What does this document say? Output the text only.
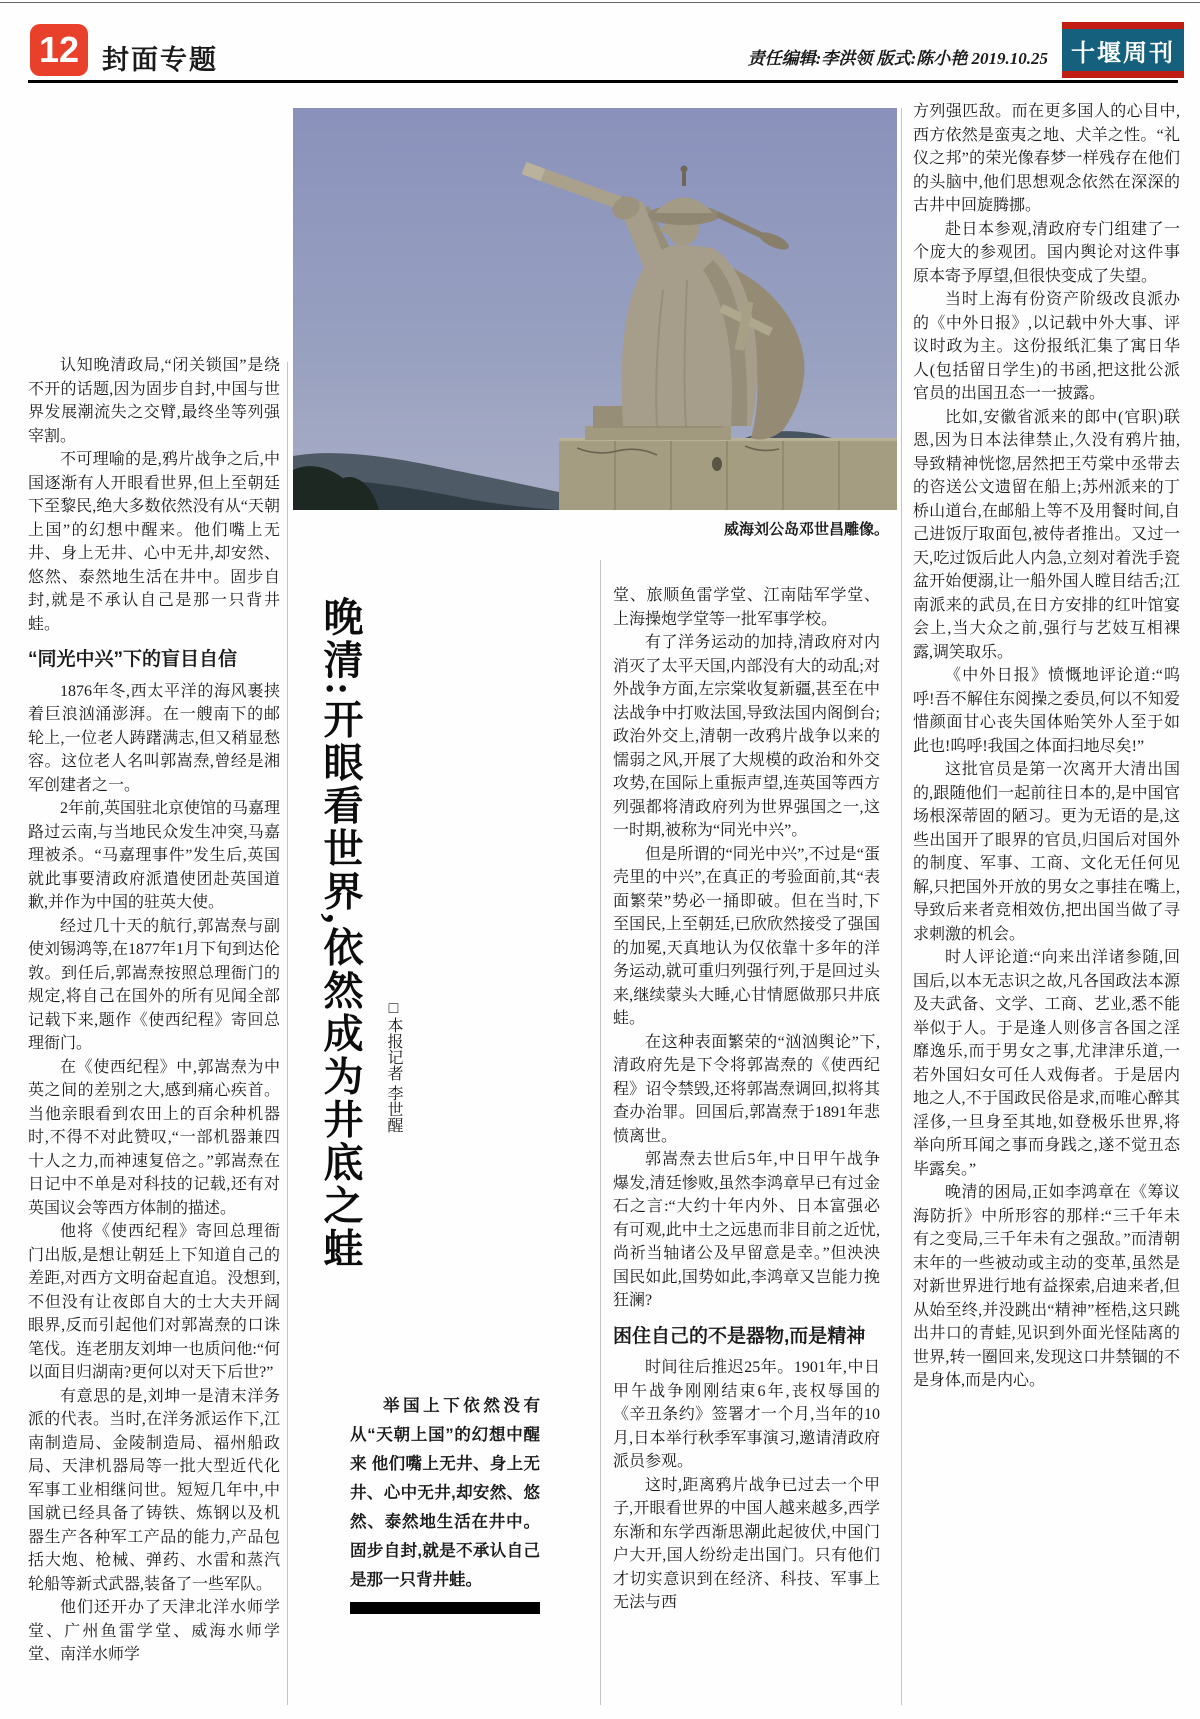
12 封面专题	责任编辑:李洪领 版式:陈小艳 2019.10.25 十堰周刊
威海刘公岛邓世昌雕像。

认知晚清政局,“闭关锁国”是绕不开的话题,因为固步自封,中国与世界发展潮流失之交臂,最终坐等列强宰割。

不可理喻的是,鸦片战争之后,中国逐渐有人开眼看世界,但上至朝廷下至黎民,绝大多数依然没有从“天朝上国”的幻想中醒来。他们嘴上无井、身上无井、心中无井,却安然、悠然、泰然地生活在井中。固步自封,就是不承认自己是那一只背井蛙。

“同光中兴”下的盲目自信

1876年冬,西太平洋的海风裹挟着巨浪汹涌澎湃。在一艘南下的邮轮上,一位老人踌躇满志,但又稍显愁容。这位老人名叫郭嵩焘,曾经是湘军创建者之一。

2年前,英国驻北京使馆的马嘉理路过云南,与当地民众发生冲突,马嘉理被杀。“马嘉理事件”发生后,英国就此事要清政府派遣使团赴英国道歉,并作为中国的驻英大使。

经过几十天的航行,郭嵩焘与副使刘锡鸿等,在1877年1月下旬到达伦敦。到任后,郭嵩焘按照总理衙门的规定,将自己在国外的所有见闻全部记载下来,题作《使西纪程》寄回总理衙门。

在《使西纪程》中,郭嵩焘为中英之间的差别之大,感到痛心疾首。当他亲眼看到农田上的百余种机器时,不得不对此赞叹,“一部机器兼四十人之力,而神速复倍之。”郭嵩焘在日记中不单是对科技的记载,还有对英国议会等西方体制的描述。

他将《使西纪程》寄回总理衙门出版,是想让朝廷上下知道自己的差距,对西方文明奋起直追。没想到,不但没有让夜郎自大的士大夫开阔眼界,反而引起他们对郭嵩焘的口诛笔伐。连老朋友刘坤一也质问他:“何以面目归湖南?更何以对天下后世?”

有意思的是,刘坤一是清末洋务派的代表。当时,在洋务派运作下,江南制造局、金陵制造局、福州船政局、天津机器局等一批大型近代化军事工业相继问世。短短几年中,中国就已经具备了铸铁、炼钢以及机器生产各种军工产品的能力,产品包括大炮、枪械、弹药、水雷和蒸汽轮船等新式武器,装备了一些军队。

他们还开办了天津北洋水师学堂、广州鱼雷学堂、威海水师学堂、南洋水师学

晚清:开眼看世界,依然成为井底之蛙	□本报记者 李世醒
举国上下依然没有从“天朝上国”的幻想中醒来 他们嘴上无井、身上无井、心中无井,却安然、悠然、泰然地生活在井中。固步自封,就是不承认自己是那一只背井蛙。

堂、旅顺鱼雷学堂、江南陆军学堂、上海操炮学堂等一批军事学校。

有了洋务运动的加持,清政府对内消灭了太平天国,内部没有大的动乱;对外战争方面,左宗棠收复新疆,甚至在中法战争中打败法国,导致法国内阁倒台;政治外交上,清朝一改鸦片战争以来的懦弱之风,开展了大规模的政治和外交攻势,在国际上重振声望,连英国等西方列强都将清政府列为世界强国之一,这一时期,被称为“同光中兴”。

但是所谓的“同光中兴”,不过是“蛋壳里的中兴”,在真正的考验面前,其“表面繁荣”势必一捅即破。但在当时,下至国民,上至朝廷,已欣欣然接受了强国的加冕,天真地认为仅依靠十多年的洋务运动,就可重归列强行列,于是回过头来,继续蒙头大睡,心甘情愿做那只井底蛙。

在这种表面繁荣的“汹汹舆论”下,清政府先是下令将郭嵩焘的《使西纪程》诏令禁毁,还将郭嵩焘调回,拟将其查办治罪。回国后,郭嵩焘于1891年悲愤离世。

郭嵩焘去世后5年,中日甲午战争爆发,清廷惨败,虽然李鸿章早已有过金石之言:“大约十年内外、日本富强必有可观,此中土之远患而非目前之近忧,尚祈当轴诸公及早留意是幸。”但泱泱国民如此,国势如此,李鸿章又岂能力挽狂澜?

困住自己的不是器物,而是精神

时间往后推迟25年。1901年,中日甲午战争刚刚结束6年,丧权辱国的《辛丑条约》签署才一个月,当年的10月,日本举行秋季军事演习,邀请清政府派员参观。

这时,距离鸦片战争已过去一个甲子,开眼看世界的中国人越来越多,西学东渐和东学西渐思潮此起彼伏,中国门户大开,国人纷纷走出国门。只有他们才切实意识到在经济、科技、军事上无法与西

方列强匹敌。而在更多国人的心目中,西方依然是蛮夷之地、犬羊之性。“礼仪之邦”的荣光像春梦一样残存在他们的头脑中,他们思想观念依然在深深的古井中回旋腾挪。

赴日本参观,清政府专门组建了一个庞大的参观团。国内舆论对这件事原本寄予厚望,但很快变成了失望。

当时上海有份资产阶级改良派办的《中外日报》,以记载中外大事、评议时政为主。这份报纸汇集了寓日华人(包括留日学生)的书函,把这批公派官员的出国丑态一一披露。

比如,安徽省派来的郎中(官职)联恩,因为日本法律禁止,久没有鸦片抽,导致精神恍惚,居然把王芍棠中丞带去的咨送公文遗留在船上;苏州派来的丁桥山道台,在邮船上等不及用餐时间,自己进饭厅取面包,被侍者推出。又过一天,吃过饭后此人内急,立刻对着洗手瓷盆开始便溺,让一船外国人瞠目结舌;江南派来的武员,在日方安排的红叶馆宴会上,当大众之前,强行与艺妓互相裸露,调笑取乐。

《中外日报》愤慨地评论道:“呜呼!吾不解住东阅操之委员,何以不知爱惜颜面甘心丧失国体贻笑外人至于如此也!呜呼!我国之体面扫地尽矣!”

这批官员是第一次离开大清出国的,跟随他们一起前往日本的,是中国官场根深蒂固的陋习。更为无语的是,这些出国开了眼界的官员,归国后对国外的制度、军事、工商、文化无任何见解,只把国外开放的男女之事挂在嘴上,导致后来者竞相效仿,把出国当做了寻求刺激的机会。

时人评论道:“向来出洋诸参随,回国后,以本无志识之故,凡各国政法本源及夫武备、文学、工商、艺业,悉不能举似于人。于是逢人则侈言各国之淫靡逸乐,而于男女之事,尤津津乐道,一若外国妇女可任人戏侮者。于是居内地之人,不于国政民俗是求,而唯心醉其淫侈,一旦身至其地,如登极乐世界,将举向所耳闻之事而身践之,遂不觉丑态毕露矣。”

晚清的困局,正如李鸿章在《筹议海防折》中所形容的那样:“三千年未有之变局,三千年未有之强敌。”而清朝末年的一些被动或主动的变革,虽然是对新世界进行地有益探索,启迪来者,但从始至终,并没跳出“精神”桎梏,这只跳出井口的青蛙,见识到外面光怪陆离的世界,转一圈回来,发现这口井禁锢的不是身体,而是内心。
